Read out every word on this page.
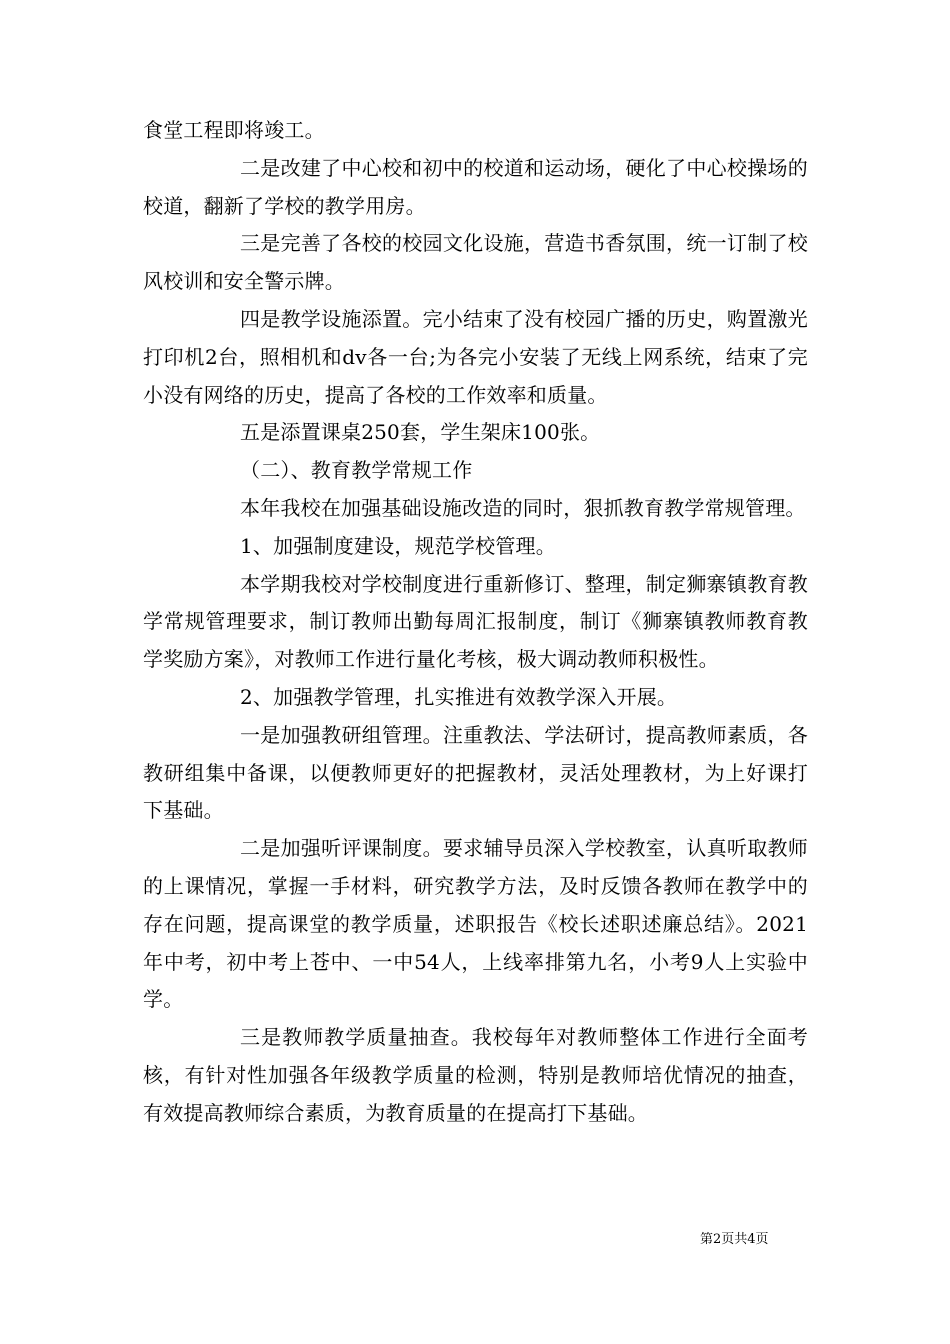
食堂工程即将竣工。

二是改建了中心校和初中的校道和运动场，硬化了中心校操场的校道，翻新了学校的教学用房。

三是完善了各校的校园文化设施，营造书香氛围，统一订制了校风校训和安全警示牌。

四是教学设施添置。完小结束了没有校园广播的历史，购置激光打印机2台，照相机和dv各一台;为各完小安装了无线上网系统，结束了完小没有网络的历史，提高了各校的工作效率和质量。

五是添置课桌250套，学生架床100张。

（二）、教育教学常规工作

本年我校在加强基础设施改造的同时，狠抓教育教学常规管理。

1、加强制度建设，规范学校管理。

本学期我校对学校制度进行重新修订、整理，制定狮寨镇教育教学常规管理要求，制订教师出勤每周汇报制度，制订《狮寨镇教师教育教学奖励方案》，对教师工作进行量化考核，极大调动教师积极性。

2、加强教学管理，扎实推进有效教学深入开展。

一是加强教研组管理。注重教法、学法研讨，提高教师素质，各教研组集中备课，以便教师更好的把握教材，灵活处理教材，为上好课打下基础。

二是加强听评课制度。要求辅导员深入学校教室，认真听取教师的上课情况，掌握一手材料，研究教学方法，及时反馈各教师在教学中的存在问题，提高课堂的教学质量，述职报告《校长述职述廉总结》。2021年中考，初中考上苍中、一中54人，上线率排第九名，小考9人上实验中学。

三是教师教学质量抽查。我校每年对教师整体工作进行全面考核，有针对性加强各年级教学质量的检测，特别是教师培优情况的抽查，有效提高教师综合素质，为教育质量的在提高打下基础。

第2页共4页
